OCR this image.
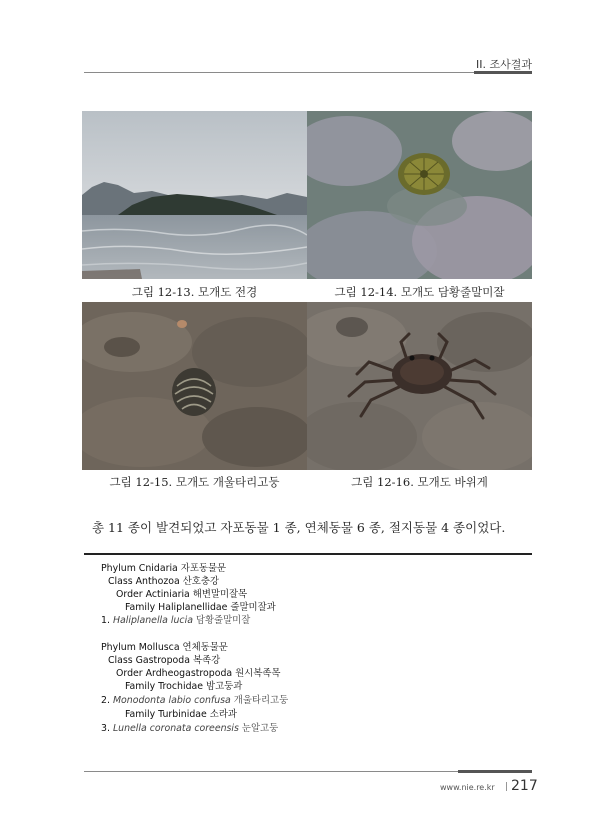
II. 조사결과
그림 12-13. 모개도 전경	그림 12-14. 모개도 담황줄말미잘
그림 12-15. 모개도 개울타리고둥	그림 12-16. 모개도 바위게
총 11 종이 발견되었고 자포동물 1 종, 연체동물 6 종, 절지동물 4 종이었다.
Phylum Cnidaria 자포동물문
Class Anthozoa 산호충강
Order Actiniaria 해변말미잘목
Family Haliplanellidae 줄말미잘과
1. Haliplanella lucia 담황줄말미잘
Phylum Mollusca 연체동물문
Class Gastropoda 복족강
Order Ardheogastropoda 원시복족목
Family Trochidae 밤고둥과
2. Monodonta labio confusa 개울타리고둥
Family Turbinidae 소라과
3. Lunella coronata coreensis 눈알고둥
www.nie.re.kr | 217
